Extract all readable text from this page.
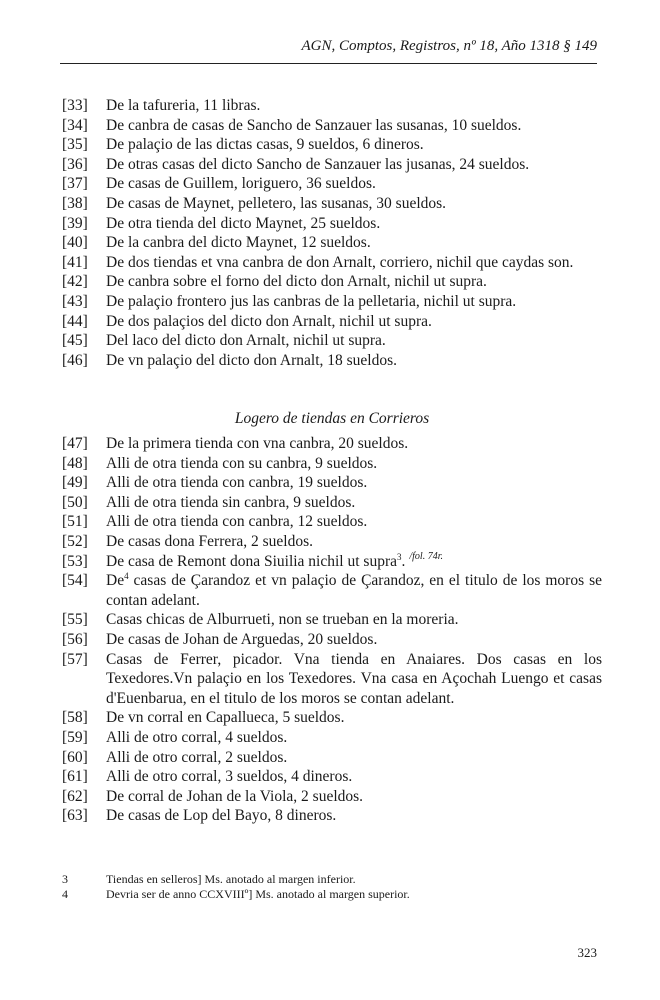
AGN, Comptos, Registros, nº 18, Año 1318 § 149
[33] De la tafureria, 11 libras.
[34] De canbra de casas de Sancho de Sanzauer las susanas, 10 sueldos.
[35] De palaçio de las dictas casas, 9 sueldos, 6 dineros.
[36] De otras casas del dicto Sancho de Sanzauer las jusanas, 24 sueldos.
[37] De casas de Guillem, loriguero, 36 sueldos.
[38] De casas de Maynet, pelletero, las susanas, 30 sueldos.
[39] De otra tienda del dicto Maynet, 25 sueldos.
[40] De la canbra del dicto Maynet, 12 sueldos.
[41] De dos tiendas et vna canbra de don Arnalt, corriero, nichil que caydas son.
[42] De canbra sobre el forno del dicto don Arnalt, nichil ut supra.
[43] De palaçio frontero jus las canbras de la pelletaria, nichil ut supra.
[44] De dos palaçios del dicto don Arnalt, nichil ut supra.
[45] Del laco del dicto don Arnalt, nichil ut supra.
[46] De vn palaçio del dicto don Arnalt, 18 sueldos.
Logero de tiendas en Corrieros
[47] De la primera tienda con vna canbra, 20 sueldos.
[48] Alli de otra tienda con su canbra, 9 sueldos.
[49] Alli de otra tienda con canbra, 19 sueldos.
[50] Alli de otra tienda sin canbra, 9 sueldos.
[51] Alli de otra tienda con canbra, 12 sueldos.
[52] De casas dona Ferrera, 2 sueldos.
[53] De casa de Remont dona Siuilia nichil ut supra$^3$. $^{/fol. 74r.}$
[54] De$^4$ casas de Çarandoz et vn palaçio de Çarandoz, en el titulo de los moros se contan adelant.
[55] Casas chicas de Alburrueti, non se trueban en la moreria.
[56] De casas de Johan de Arguedas, 20 sueldos.
[57] Casas de Ferrer, picador. Vna tienda en Anaiares. Dos casas en los Texedores.Vn palaçio en los Texedores. Vna casa en Açochah Luengo et casas d'Euenbarua, en el titulo de los moros se contan adelant.
[58] De vn corral en Capallueca, 5 sueldos.
[59] Alli de otro corral, 4 sueldos.
[60] Alli de otro corral, 2 sueldos.
[61] Alli de otro corral, 3 sueldos, 4 dineros.
[62] De corral de Johan de la Viola, 2 sueldos.
[63] De casas de Lop del Bayo, 8 dineros.
3	Tiendas en selleros] Ms. anotado al margen inferior.
4	Devria ser de anno CCXVIIIº] Ms. anotado al margen superior.
323
